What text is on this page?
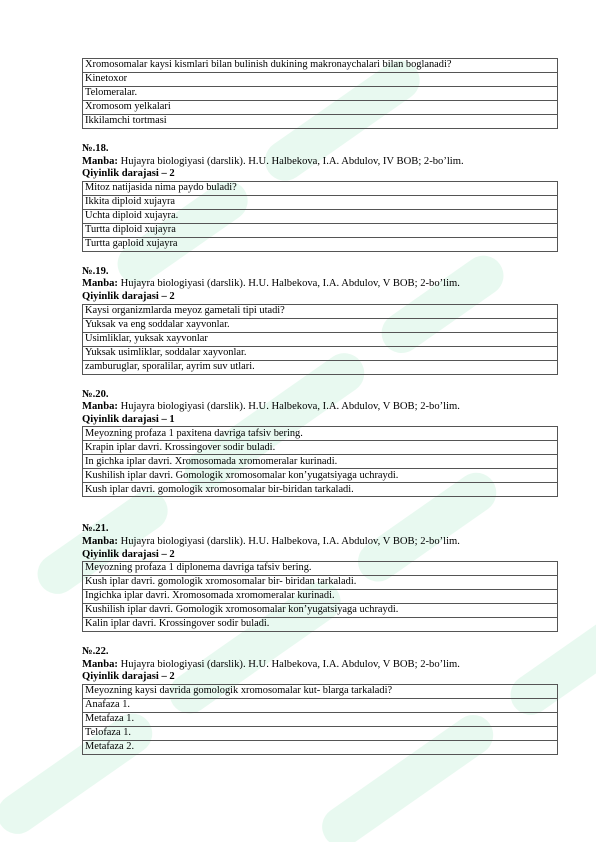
Xromosomalar kaysi kismlari bilan bulinish dukining makronaychalari bilan boglanadi?
Kinetoxor
Telomeralar.
Xromosom yelkalari
Ikkilamchi tortmasi
№.18.
Manba: Hujayra biologiyasi (darslik). H.U. Halbekova, I.A. Abdulov, IV BOB; 2-bo’lim.
Qiyinlik darajasi – 2
Mitoz natijasida nima paydo buladi?
Ikkita diploid xujayra
Uchta diploid xujayra.
Turtta diploid xujayra
Turtta gaploid xujayra
№.19.
Manba: Hujayra biologiyasi (darslik). H.U. Halbekova, I.A. Abdulov, V BOB; 2-bo’lim.
Qiyinlik darajasi – 2
Kaysi organizmlarda meyoz gametali tipi utadi?
Yuksak va eng soddalar xayvonlar.
Usimliklar, yuksak xayvonlar
Yuksak usimliklar, soddalar xayvonlar.
zamburuglar, sporalilar, ayrim suv utlari.
№.20.
Manba: Hujayra biologiyasi (darslik). H.U. Halbekova, I.A. Abdulov, V BOB; 2-bo’lim.
Qiyinlik darajasi – 1
Meyozning profaza 1 paxitena davriga tafsiv bering.
Krapin iplar davri. Krossingover sodir buladi.
In gichka iplar davri. Xromosomada xromomeralar kurinadi.
Kushilish iplar davri. Gomologik xromosomalar kon’yugatsiyaga uchraydi.
Kush iplar davri. gomologik xromosomalar bir-biridan tarkaladi.
№.21.
Manba: Hujayra biologiyasi (darslik). H.U. Halbekova, I.A. Abdulov, V BOB; 2-bo’lim.
Qiyinlik darajasi – 2
Meyozning profaza 1 diplonema davriga tafsiv bering.
Kush iplar davri. gomologik xromosomalar bir- biridan tarkaladi.
Ingichka iplar davri. Xromosomada xromomeralar kurinadi.
Kushilish iplar davri. Gomologik xromosomalar kon’yugatsiyaga uchraydi.
Kalin iplar davri. Krossingover sodir buladi.
№.22.
Manba: Hujayra biologiyasi (darslik). H.U. Halbekova, I.A. Abdulov, V BOB; 2-bo’lim.
Qiyinlik darajasi – 2
Meyozning kaysi davrida gomologik xromosomalar kut- blarga tarkaladi?
Anafaza 1.
Metafaza 1.
Telofaza 1.
Metafaza 2.
